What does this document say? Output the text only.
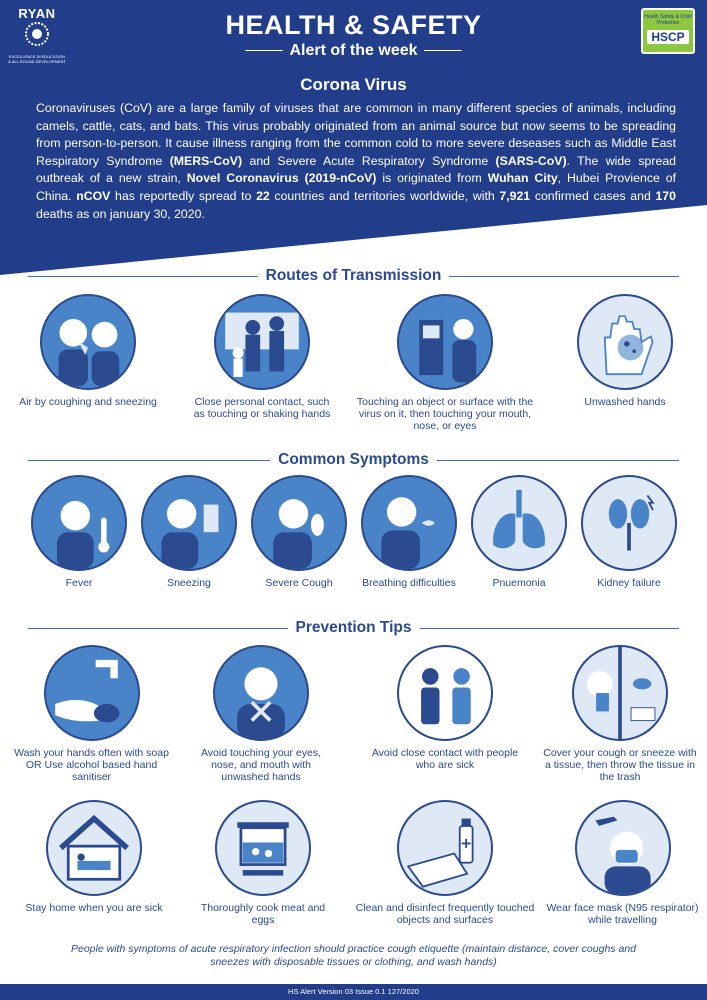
RYAN
EXCELLENCE IN EDUCATION & ALL ROUND DEVELOPMENT
HEALTH & SAFETY
Alert of the week
Health Safety & Child Protection
HSCP
Corona Virus
Coronaviruses (CoV) are a large family of viruses that are common in many different species of animals, including camels, cattle, cats, and bats. This virus probably originated from an animal source but now seems to be spreading from person-to-person. It cause illness ranging from the common cold to more severe deseases such as Middle East Respiratory Syndrome (MERS-CoV) and Severe Acute Respiratory Syndrome (SARS-CoV). The wide spread outbreak of a new strain, Novel Coronavirus (2019-nCoV) is originated from Wuhan City, Hubei Provience of China. nCOV has reportedly spread to 22 countries and territories worldwide, with 7,921 confirmed cases and 170 deaths as on january 30, 2020.
Routes of Transmission
Air by coughing and sneezing	Close personal contact, such as touching or shaking hands
Touching an object or surface with the virus on it, then touching your mouth, nose, or eyes
Unwashed hands
Common Symptoms
Fever	Sneezing	Severe Cough	Breathing difficulties	Pnuemonia	Kidney failure
Prevention Tips
Wash your hands often with soap OR Use alcohol based hand sanitiser
Avoid touching your eyes, nose, and mouth with unwashed hands
Avoid close contact with people who are sick
Cover your cough or sneeze with a tissue, then throw the tissue in the trash
Stay home when you are sick	Thoroughly cook meat and eggs
Clean and disinfect frequently touched objects and surfaces
Wear face mask (N95 respirator) while travelling
People with symptoms of acute respiratory infection should practice cough etiquette (maintain distance, cover coughs and sneezes with disposable tissues or clothing, and wash hands)
HS Alert Version 03 Issue 0.1 127/2020
